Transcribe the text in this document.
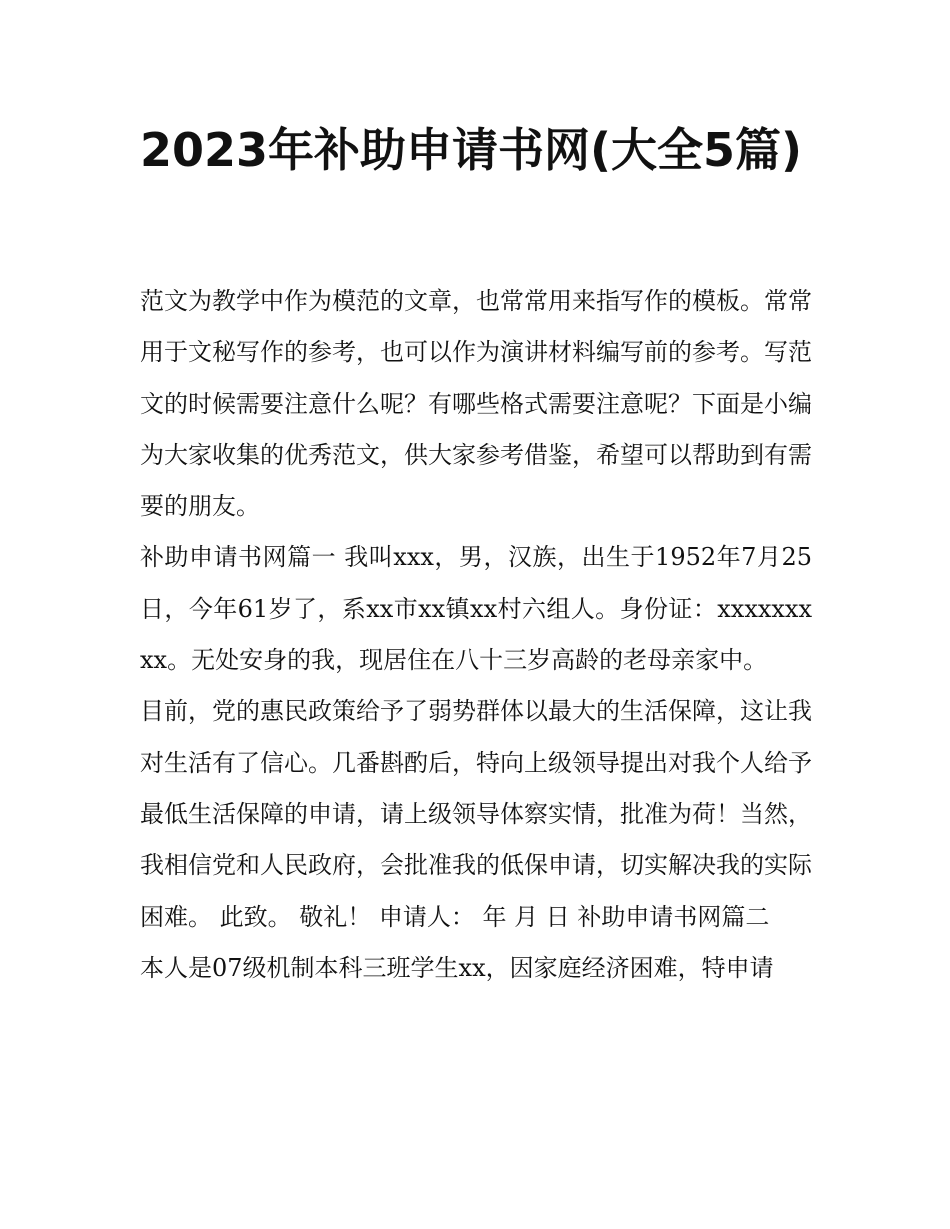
2023年补助申请书网(大全5篇)

范文为教学中作为模范的文章，也常常用来指写作的模板。常常用于文秘写作的参考，也可以作为演讲材料编写前的参考。写范文的时候需要注意什么呢？有哪些格式需要注意呢？下面是小编为大家收集的优秀范文，供大家参考借鉴，希望可以帮助到有需要的朋友。

补助申请书网篇一 我叫xxx，男，汉族，出生于1952年7月25日，今年61岁了，系xx市xx镇xx村六组人。身份证：xxxxxxxxx。无处安身的我，现居住在八十三岁高龄的老母亲家中。

目前，党的惠民政策给予了弱势群体以最大的生活保障，这让我对生活有了信心。几番斟酌后，特向上级领导提出对我个人给予最低生活保障的申请，请上级领导体察实情，批准为荷！当然，我相信党和人民政府，会批准我的低保申请，切实解决我的实际困难。 此致。 敬礼！ 申请人： 年 月 日 补助申请书网篇二

本人是07级机制本科三班学生xx，因家庭经济困难，特申请
